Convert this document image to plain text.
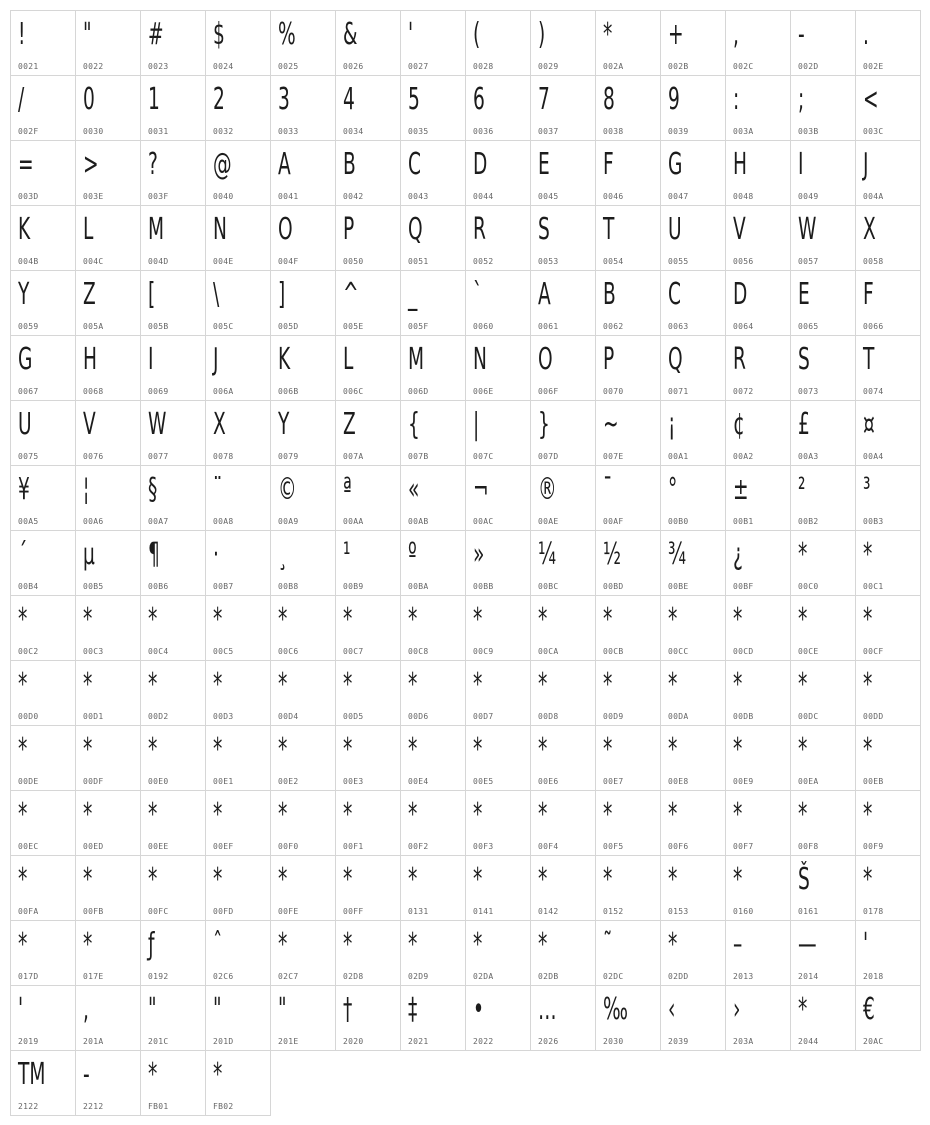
!
0021
"
0022
#
0023
$
0024
%
0025
&
0026
'
0027
(
0028
)
0029
*
002A
+
002B
,
002C
-
002D
.
002E
/
002F
0
0030
1
0031
2
0032
3
0033
4
0034
5
0035
6
0036
7
0037
8
0038
9
0039
:
003A
;
003B
<
003C
=
003D
>
003E
?
003F
@
0040
A
0041
B
0042
C
0043
D
0044
E
0045
F
0046
G
0047
H
0048
I
0049
J
004A
K
004B
L
004C
M
004D
N
004E
O
004F
P
0050
Q
0051
R
0052
S
0053
T
0054
U
0055
V
0056
W
0057
X
0058
Y
0059
Z
005A
[
005B
\
005C
]
005D
^
005E
_
005F
`
0060
A
0061
B
0062
C
0063
D
0064
E
0065
F
0066
G
0067
H
0068
I
0069
J
006A
K
006B
L
006C
M
006D
N
006E
O
006F
P
0070
Q
0071
R
0072
S
0073
T
0074
U
0075
V
0076
W
0077
X
0078
Y
0079
Z
007A
{
007B
|
007C
}
007D
~
007E
¡
00A1
¢
00A2
£
00A3
¤
00A4
¥
00A5
¦
00A6
§
00A7
¨
00A8
©
00A9
ª
00AA
«
00AB
¬
00AC
®
00AE
¯
00AF
°
00B0
±
00B1
²
00B2
³
00B3
´
00B4
µ
00B5
¶
00B6
·
00B7
¸
00B8
¹
00B9
º
00BA
»
00BB
¼
00BC
½
00BD
¾
00BE
¿
00BF
*
00C0
*
00C1
*
00C2
*
00C3
*
00C4
*
00C5
*
00C6
*
00C7
*
00C8
*
00C9
*
00CA
*
00CB
*
00CC
*
00CD
*
00CE
*
00CF
*
00D0
*
00D1
*
00D2
*
00D3
*
00D4
*
00D5
*
00D6
*
00D7
*
00D8
*
00D9
*
00DA
*
00DB
*
00DC
*
00DD
*
00DE
*
00DF
*
00E0
*
00E1
*
00E2
*
00E3
*
00E4
*
00E5
*
00E6
*
00E7
*
00E8
*
00E9
*
00EA
*
00EB
*
00EC
*
00ED
*
00EE
*
00EF
*
00F0
*
00F1
*
00F2
*
00F3
*
00F4
*
00F5
*
00F6
*
00F7
*
00F8
*
00F9
*
00FA
*
00FB
*
00FC
*
00FD
*
00FE
*
00FF
*
0131
*
0141
*
0142
*
0152
*
0153
*
0160
Š
0161
*
0178
*
017D
*
017E
ƒ
0192
ˆ
02C6
*
02C7
*
02D8
*
02D9
*
02DA
*
02DB
˜
02DC
*
02DD
–
2013
—
2014
'
2018
'
2019
,
201A
"
201C
"
201D
"
201E
†
2020
‡
2021
•
2022
…
2026
‰
2030
‹
2039
›
203A
*
2044
€
20AC
TM
2122
-
2212
*
FB01
*
FB02
